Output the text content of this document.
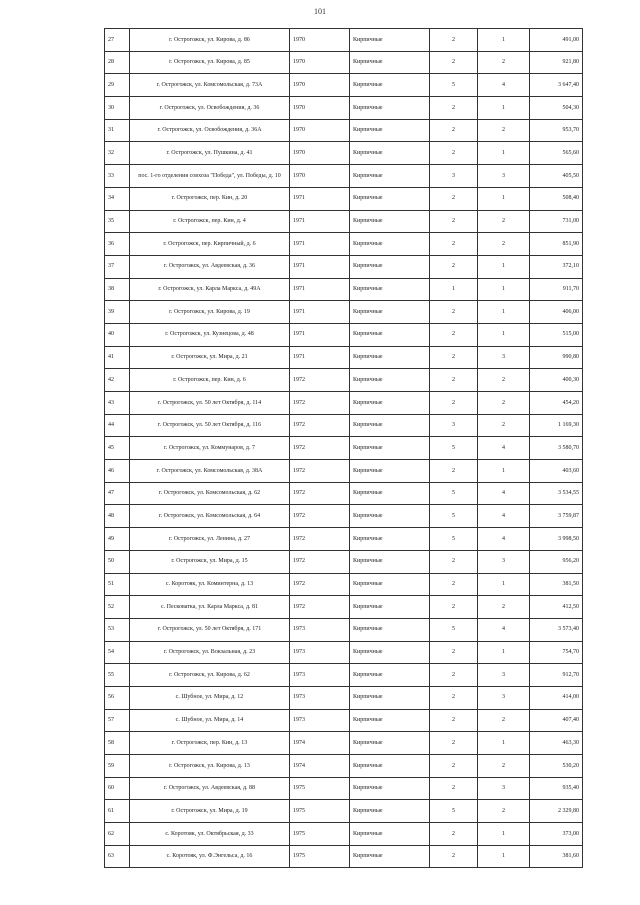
101
27	г. Острогожск, ул. Кирова, д. 86	1970	Кирпичные	2	1	491,00
28	г. Острогожск, ул. Кирова, д. 85	1970	Кирпичные	2	2	921,80
29	г. Острогожск, ул. Комсомольская, д. 73А	1970	Кирпичные	5	4	3 647,40
30	г. Острогожск, ул. Освобождения, д. 36	1970	Кирпичные	2	1	504,30
31	г. Острогожск, ул. Освобождения, д. 36А	1970	Кирпичные	2	2	953,70
32	г. Острогожск, ул. Пушкина, д. 41	1970	Кирпичные	2	1	565,60
33	пос. 1-го отделения совхоза "Победа", ул. Победы, д. 10	1970	Кирпичные	3	3	405,50
34	г. Острогожск, пер. Кин, д. 20	1971	Кирпичные	2	1	508,40
35	г. Острогожск, пер. Кин, д. 4	1971	Кирпичные	2	2	731,00
36	г. Острогожск, пер. Кирпичный, д. 6	1971	Кирпичные	2	2	851,90
37	г. Острогожск, ул. Авдеевская, д. 36	1971	Кирпичные	2	1	372,10
38	г. Острогожск, ул. Карла Маркса, д. 49А	1971	Кирпичные	1	1	911,70
39	г. Острогожск, ул. Кирова, д. 19	1971	Кирпичные	2	1	406,00
40	г. Острогожск, ул. Кузнецова, д. 48	1971	Кирпичные	2	1	515,00
41	г. Острогожск, ул. Мира, д. 21	1971	Кирпичные	2	3	990,80
42	г. Острогожск, пер. Кин, д. 6	1972	Кирпичные	2	2	400,30
43	г. Острогожск, ул. 50 лет Октября, д. 114	1972	Кирпичные	2	2	454,20
44	г. Острогожск, ул. 50 лет Октября, д. 116	1972	Кирпичные	3	2	1 169,30
45	г. Острогожск, ул. Коммунаров, д. 7	1972	Кирпичные	5	4	3 580,70
46	г. Острогожск, ул. Комсомольская, д. 38А	1972	Кирпичные	2	1	403,60
47	г. Острогожск, ул. Комсомольская, д. 62	1972	Кирпичные	5	4	3 534,55
48	г. Острогожск, ул. Комсомольская, д. 64	1972	Кирпичные	5	4	3 759,87
49	г. Острогожск, ул. Ленина, д. 27	1972	Кирпичные	5	4	3 998,50
50	г. Острогожск, ул. Мира, д. 15	1972	Кирпичные	2	3	956,20
51	с. Коротояк, ул. Коминтерна, д. 13	1972	Кирпичные	2	1	381,50
52	с. Песковатка, ул. Карла Маркса, д. 81	1972	Кирпичные	2	2	412,50
53	г. Острогожск, ул. 50 лет Октября, д. 171	1973	Кирпичные	5	4	3 573,40
54	г. Острогожск, ул. Вокзальная, д. 23	1973	Кирпичные	2	1	754,70
55	г. Острогожск, ул. Кирова, д. 62	1973	Кирпичные	2	3	912,70
56	с. Шубное, ул. Мира, д. 12	1973	Кирпичные	2	3	414,00
57	с. Шубное, ул. Мира, д. 14	1973	Кирпичные	2	2	407,40
58	г. Острогожск, пер. Кин, д. 13	1974	Кирпичные	2	1	463,30
59	г. Острогожск, ул. Кирова, д. 13	1974	Кирпичные	2	2	530,20
60	г. Острогожск, ул. Авдеевская, д. 88	1975	Кирпичные	2	3	935,40
61	г. Острогожск, ул. Мира, д. 19	1975	Кирпичные	5	2	2 329,80
62	с. Коротояк, ул. Октябрьская, д. 33	1975	Кирпичные	2	1	373,00
63	с. Коротояк, ул. Ф.Энгельса, д. 16	1975	Кирпичные	2	1	381,60
